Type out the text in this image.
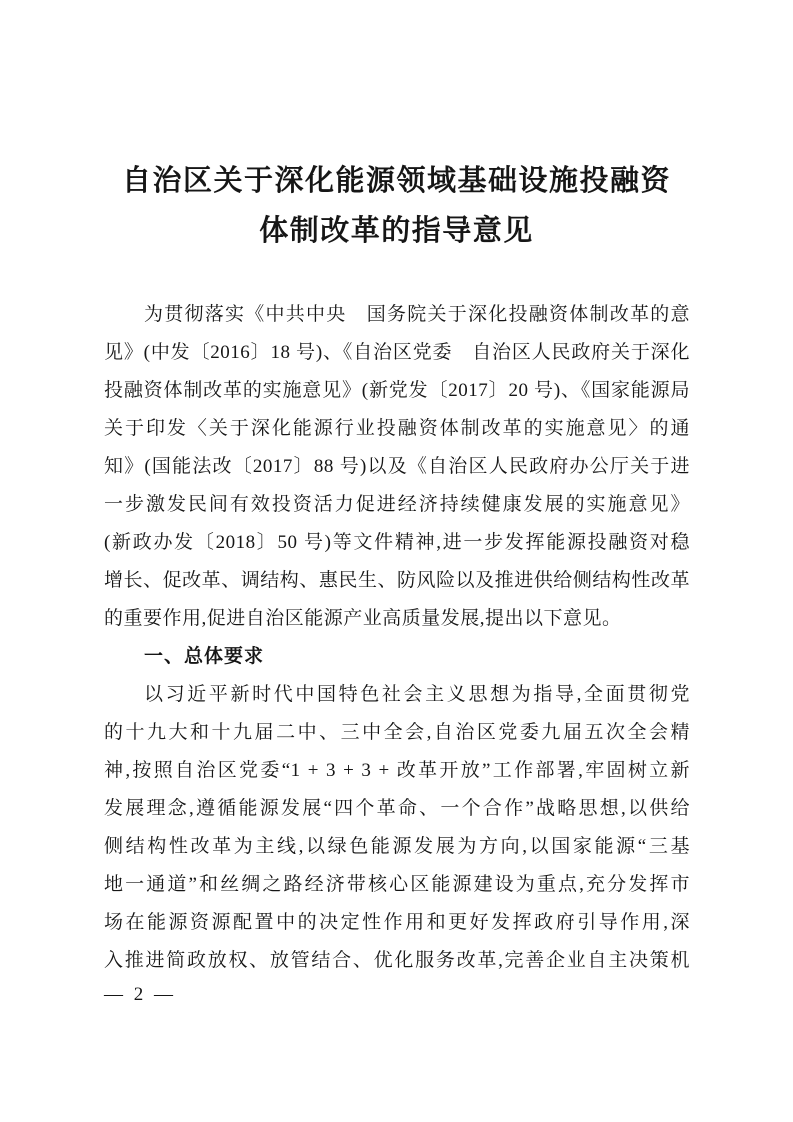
自治区关于深化能源领域基础设施投融资
体制改革的指导意见
为贯彻落实《中共中央　国务院关于深化投融资体制改革的意
见》(中发〔2016〕18 号)、《自治区党委　自治区人民政府关于深化
投融资体制改革的实施意见》(新党发〔2017〕20 号)、《国家能源局
关于印发〈关于深化能源行业投融资体制改革的实施意见〉的通
知》(国能法改〔2017〕88 号)以及《自治区人民政府办公厅关于进
一步激发民间有效投资活力促进经济持续健康发展的实施意见》
(新政办发〔2018〕50 号)等文件精神,进一步发挥能源投融资对稳
增长、促改革、调结构、惠民生、防风险以及推进供给侧结构性改革
的重要作用,促进自治区能源产业高质量发展,提出以下意见。
一、总体要求
以习近平新时代中国特色社会主义思想为指导,全面贯彻党
的十九大和十九届二中、三中全会,自治区党委九届五次全会精
神,按照自治区党委“1 + 3 + 3 + 改革开放”工作部署,牢固树立新
发展理念,遵循能源发展“四个革命、一个合作”战略思想,以供给
侧结构性改革为主线,以绿色能源发展为方向,以国家能源“三基
地一通道”和丝绸之路经济带核心区能源建设为重点,充分发挥市
场在能源资源配置中的决定性作用和更好发挥政府引导作用,深
入推进简政放权、放管结合、优化服务改革,完善企业自主决策机
— 2 —
